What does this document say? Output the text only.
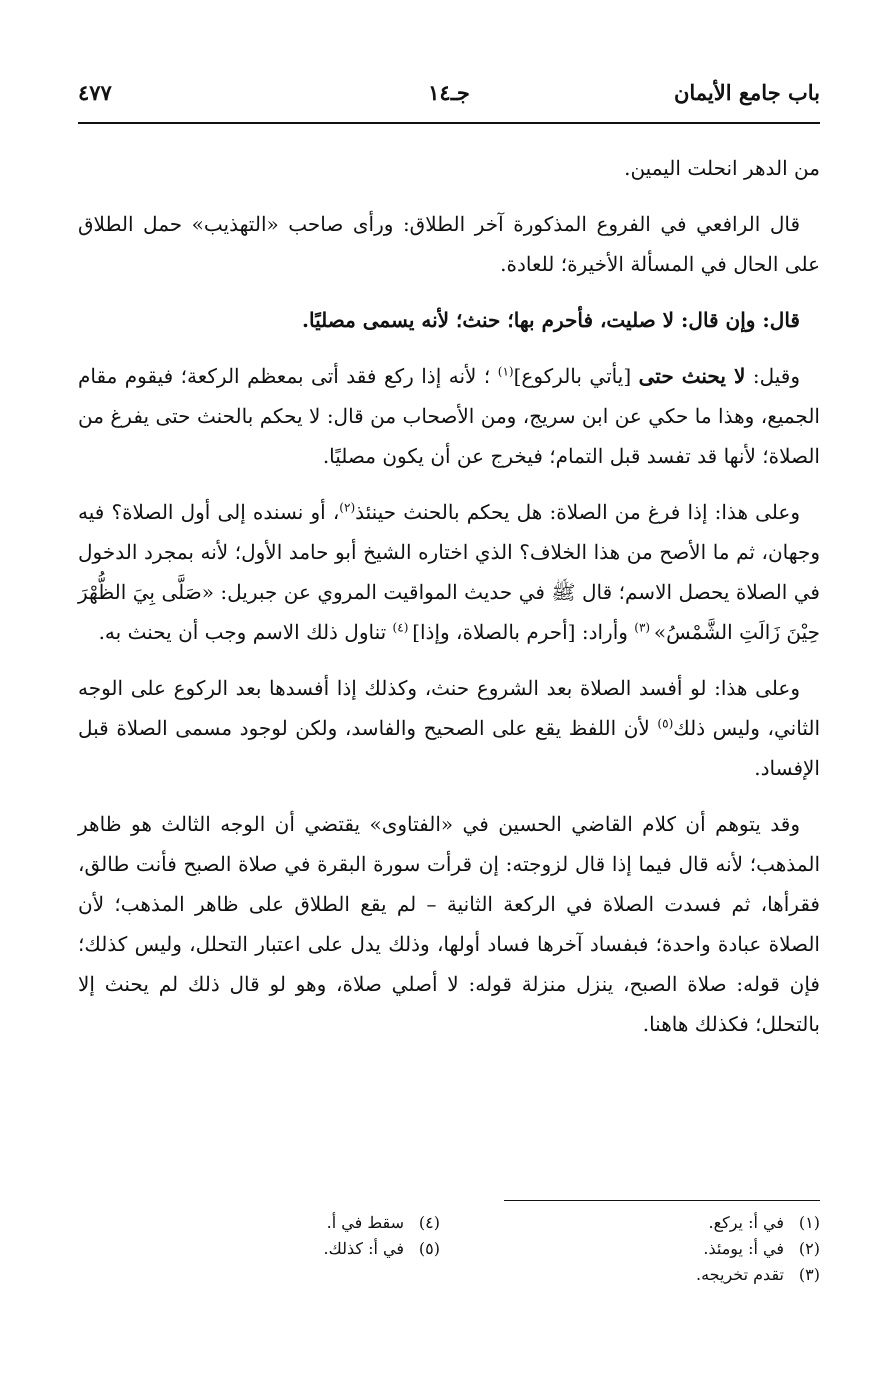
باب جامع الأيمان
جـ١٤
٤٧٧

من الدهر انحلت اليمين.

قال الرافعي في الفروع المذكورة آخر الطلاق: ورأى صاحب «التهذيب» حمل الطلاق على الحال في المسألة الأخيرة؛ للعادة.

قال: وإن قال: لا صليت، فأحرم بها؛ حنث؛ لأنه يسمى مصليًا.

وقيل: لا يحنث حتى [يأتي بالركوع]$^{(١)}$ ؛ لأنه إذا ركع فقد أتى بمعظم الركعة؛ فيقوم مقام الجميع، وهذا ما حكي عن ابن سريج، ومن الأصحاب من قال: لا يحكم بالحنث حتى يفرغ من الصلاة؛ لأنها قد تفسد قبل التمام؛ فيخرج عن أن يكون مصليًا.

وعلى هذا: إذا فرغ من الصلاة: هل يحكم بالحنث حينئذ$^{(٢)}$، أو نسنده إلى أول الصلاة؟ فيه وجهان، ثم ما الأصح من هذا الخلاف؟ الذي اختاره الشيخ أبو حامد الأول؛ لأنه بمجرد الدخول في الصلاة يحصل الاسم؛ قال ﷺ في حديث المواقيت المروي عن جبريل: «صَلَّى بِيَ الظُّهْرَ حِيْنَ زَالَتِ الشَّمْسُ» $^{(٣)}$ وأراد: [أحرم بالصلاة، وإذا] $^{(٤)}$ تناول ذلك الاسم وجب أن يحنث به.

وعلى هذا: لو أفسد الصلاة بعد الشروع حنث، وكذلك إذا أفسدها بعد الركوع على الوجه الثاني، وليس ذلك$^{(٥)}$ لأن اللفظ يقع على الصحيح والفاسد، ولكن لوجود مسمى الصلاة قبل الإفساد.

وقد يتوهم أن كلام القاضي الحسين في «الفتاوى» يقتضي أن الوجه الثالث هو ظاهر المذهب؛ لأنه قال فيما إذا قال لزوجته: إن قرأت سورة البقرة في صلاة الصبح فأنت طالق، فقرأها، ثم فسدت الصلاة في الركعة الثانية – لم يقع الطلاق على ظاهر المذهب؛ لأن الصلاة عبادة واحدة؛ فبفساد آخرها فساد أولها، وذلك يدل على اعتبار التحلل، وليس كذلك؛ فإن قوله: صلاة الصبح، ينزل منزلة قوله: لا أصلي صلاة، وهو لو قال ذلك لم يحنث إلا بالتحلل؛ فكذلك هاهنا.

(١)في أ: يركع.
(٢)في أ: يومئذ.
(٣)تقدم تخريجه.
(٤)سقط في أ.
(٥)في أ: كذلك.
